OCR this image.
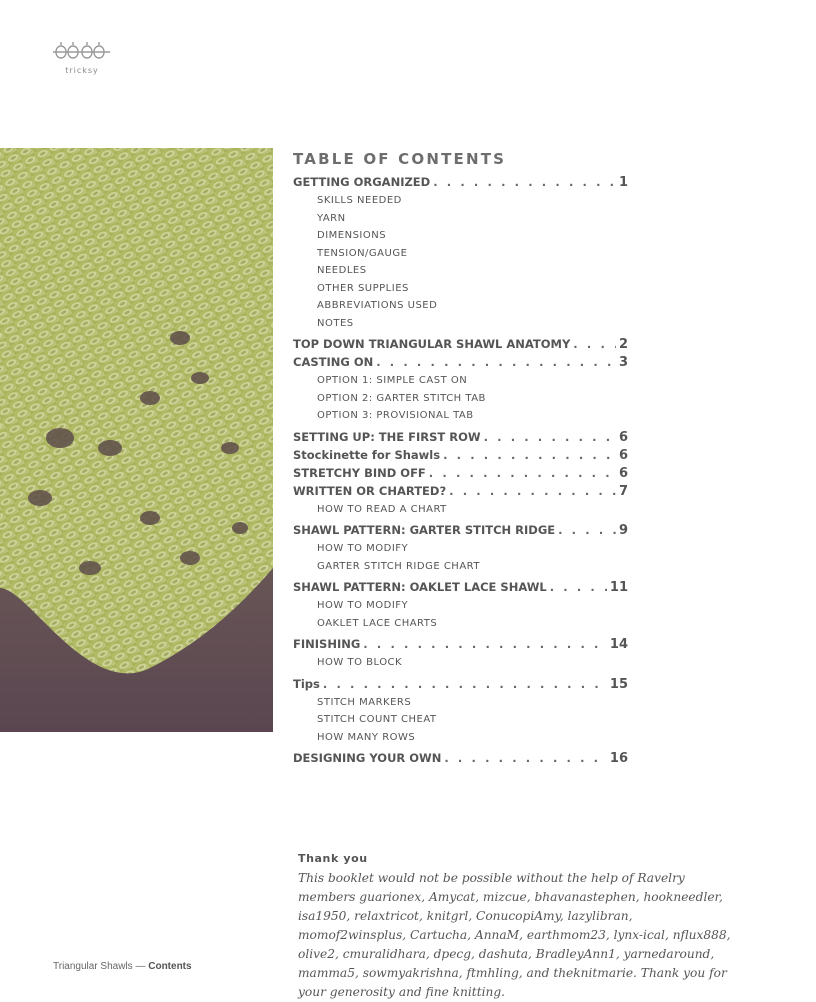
tricksy
TABLE OF CONTENTS
GETTING ORGANIZED . . .	1
SKILLS NEEDED
YARN
DIMENSIONS
TENSION/GAUGE
NEEDLES
OTHER SUPPLIES
ABBREVIATIONS USED
NOTES
TOP DOWN TRIANGULAR SHAWL ANATOMY . . .	2
CASTING ON . . .	3
OPTION 1: SIMPLE CAST ON
OPTION 2: GARTER STITCH TAB
OPTION 3: PROVISIONAL TAB
SETTING UP: THE FIRST ROW . . .	6
Stockinette for Shawls . . .	6
STRETCHY BIND OFF . . .	6
WRITTEN OR CHARTED? . . .	7
HOW TO READ A CHART
SHAWL PATTERN: GARTER STITCH RIDGE . . .	9
HOW TO MODIFY
GARTER STITCH RIDGE CHART
SHAWL PATTERN: OAKLET LACE SHAWL . . .	11
HOW TO MODIFY
OAKLET LACE CHARTS
FINISHING . . .	14
HOW TO BLOCK
Tips . . .	15
STITCH MARKERS
STITCH COUNT CHEAT
HOW MANY ROWS
DESIGNING YOUR OWN . . .	16
Thank you
This booklet would not be possible without the help of Ravelry members guarionex, Amycat, mizcue, bhavanastephen, hookneedler, isa1950, relaxtricot, knitgrl, ConucopiAmy, lazylibran, momof2winsplus, Cartucha, AnnaM, earthmom23, lynx-ical, nflux888, olive2, cmuralidhara, dpecg, dashuta, BradleyAnn1, yarnedaround, mamma5, sowmyakrishna, ftmhling, and theknitmarie. Thank you for your generosity and fine knitting.
Triangular Shawls — Contents
